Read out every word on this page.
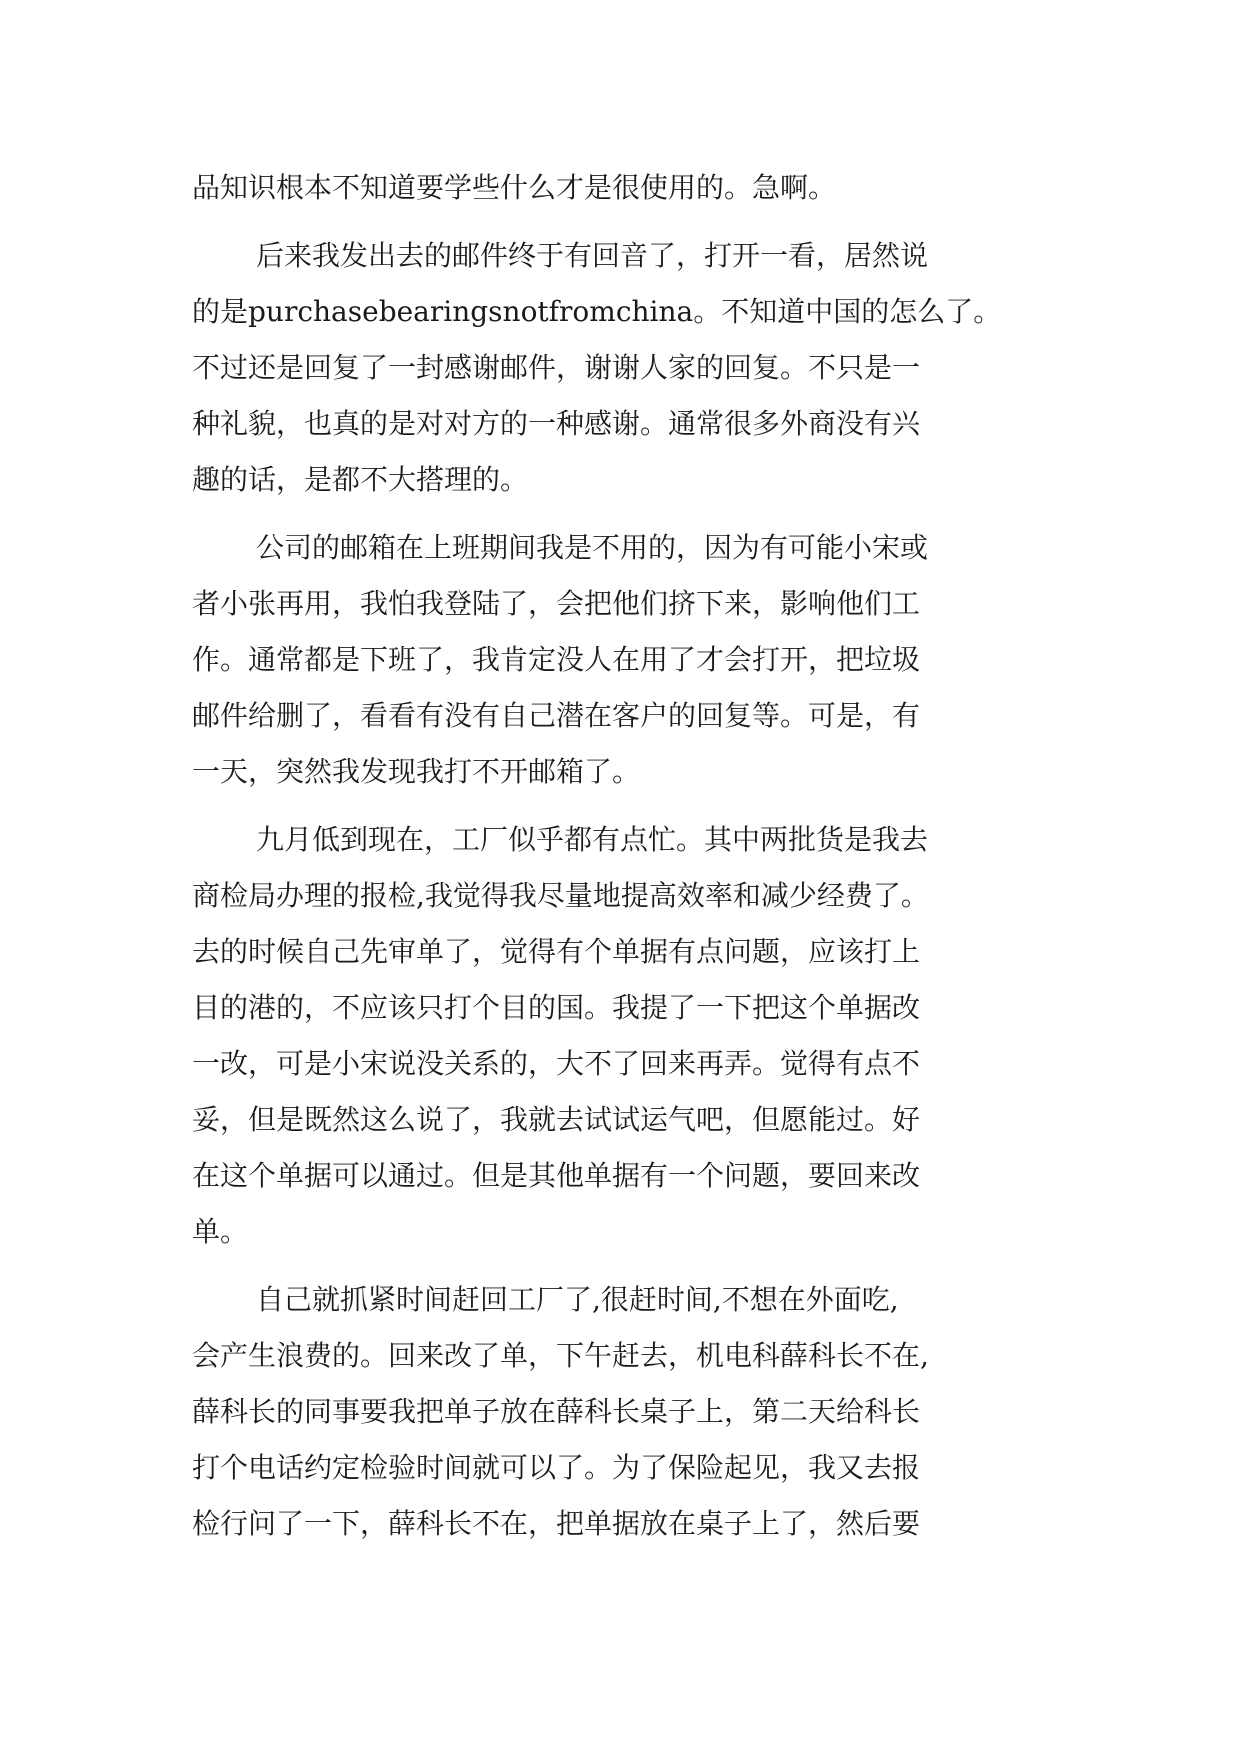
品知识根本不知道要学些什么才是很使用的。急啊。
后来我发出去的邮件终于有回音了，打开一看，居然说
的是purchasebearingsnotfromchina。不知道中国的怎么了。
不过还是回复了一封感谢邮件，谢谢人家的回复。不只是一
种礼貌，也真的是对对方的一种感谢。通常很多外商没有兴
趣的话，是都不大搭理的。
公司的邮箱在上班期间我是不用的，因为有可能小宋或
者小张再用，我怕我登陆了，会把他们挤下来，影响他们工
作。通常都是下班了，我肯定没人在用了才会打开，把垃圾
邮件给删了，看看有没有自己潜在客户的回复等。可是，有
一天，突然我发现我打不开邮箱了。
九月低到现在，工厂似乎都有点忙。其中两批货是我去
商检局办理的报检,我觉得我尽量地提高效率和减少经费了。
去的时候自己先审单了，觉得有个单据有点问题，应该打上
目的港的，不应该只打个目的国。我提了一下把这个单据改
一改，可是小宋说没关系的，大不了回来再弄。觉得有点不
妥，但是既然这么说了，我就去试试运气吧，但愿能过。好
在这个单据可以通过。但是其他单据有一个问题，要回来改
单。
自己就抓紧时间赶回工厂了,很赶时间,不想在外面吃,
会产生浪费的。回来改了单，下午赶去，机电科薛科长不在,
薛科长的同事要我把单子放在薛科长桌子上，第二天给科长
打个电话约定检验时间就可以了。为了保险起见，我又去报
检行问了一下，薛科长不在，把单据放在桌子上了，然后要
